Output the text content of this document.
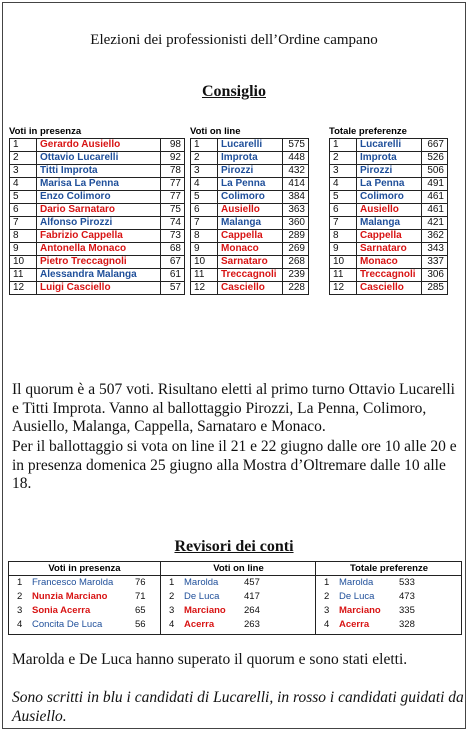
Elezioni dei professionisti dell’Ordine campano
Consiglio
Voti in presenza
1	Gerardo Ausiello	98
2	Ottavio Lucarelli	92
3	Titti Improta	78
4	Marisa La Penna	77
5	Enzo Colimoro	77
6	Dario Sarnataro	75
7	Alfonso Pirozzi	74
8	Fabrizio Cappella	73
9	Antonella Monaco	68
10	Pietro Treccagnoli	67
11	Alessandra Malanga	61
12	Luigi Casciello	57
Voti on line
1	Lucarelli	575
2	Improta	448
3	Pirozzi	432
4	La Penna	414
5	Colimoro	384
6	Ausiello	363
7	Malanga	360
8	Cappella	289
9	Monaco	269
10	Sarnataro	268
11	Treccagnoli	239
12	Casciello	228
Totale preferenze
1	Lucarelli	667
2	Improta	526
3	Pirozzi	506
4	La Penna	491
5	Colimoro	461
6	Ausiello	461
7	Malanga	421
8	Cappella	362
9	Sarnataro	343
10	Monaco	337
11	Treccagnoli	306
12	Casciello	285
Il quorum è a 507 voti. Risultano eletti al primo turno Ottavio Lucarelli e Titti Improta. Vanno al ballottaggio Pirozzi, La Penna, Colimoro, Ausiello, Malanga, Cappella, Sarnataro e Monaco.
Per il ballottaggio si vota on line il 21 e 22 giugno dalle ore 10 alle 20 e in presenza domenica 25 giugno alla Mostra d’Oltremare dalle 10 alle 18.
Revisori dei conti
Voti in presenza
1 Francesco Marolda 76
2 Nunzia Marciano	71
3 Sonia Acerra	65
4 Concita De Luca	56
Voti on line
1 Marolda	457
2 De Luca	417
3 Marciano 264
4 Acerra	263
Totale preferenze
1 Marolda	533
2 De Luca	473
3 Marciano 335
4 Acerra	328
Marolda e De Luca hanno superato il quorum e sono stati eletti.
Sono scritti in blu i candidati di Lucarelli, in rosso i candidati guidati da Ausiello.
